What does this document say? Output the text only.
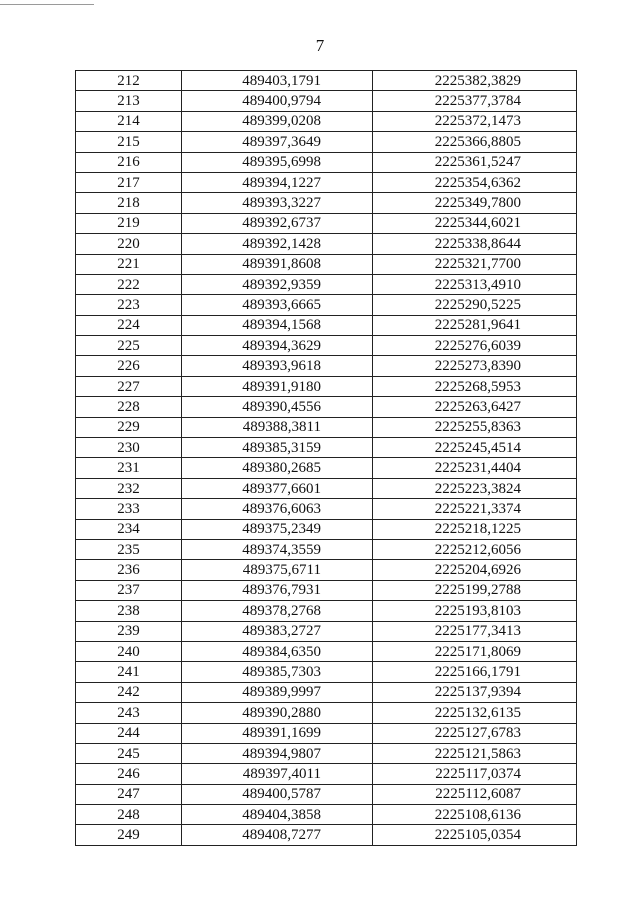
7
212	489403,1791	2225382,3829
213	489400,9794	2225377,3784
214	489399,0208	2225372,1473
215	489397,3649	2225366,8805
216	489395,6998	2225361,5247
217	489394,1227	2225354,6362
218	489393,3227	2225349,7800
219	489392,6737	2225344,6021
220	489392,1428	2225338,8644
221	489391,8608	2225321,7700
222	489392,9359	2225313,4910
223	489393,6665	2225290,5225
224	489394,1568	2225281,9641
225	489394,3629	2225276,6039
226	489393,9618	2225273,8390
227	489391,9180	2225268,5953
228	489390,4556	2225263,6427
229	489388,3811	2225255,8363
230	489385,3159	2225245,4514
231	489380,2685	2225231,4404
232	489377,6601	2225223,3824
233	489376,6063	2225221,3374
234	489375,2349	2225218,1225
235	489374,3559	2225212,6056
236	489375,6711	2225204,6926
237	489376,7931	2225199,2788
238	489378,2768	2225193,8103
239	489383,2727	2225177,3413
240	489384,6350	2225171,8069
241	489385,7303	2225166,1791
242	489389,9997	2225137,9394
243	489390,2880	2225132,6135
244	489391,1699	2225127,6783
245	489394,9807	2225121,5863
246	489397,4011	2225117,0374
247	489400,5787	2225112,6087
248	489404,3858	2225108,6136
249	489408,7277	2225105,0354
